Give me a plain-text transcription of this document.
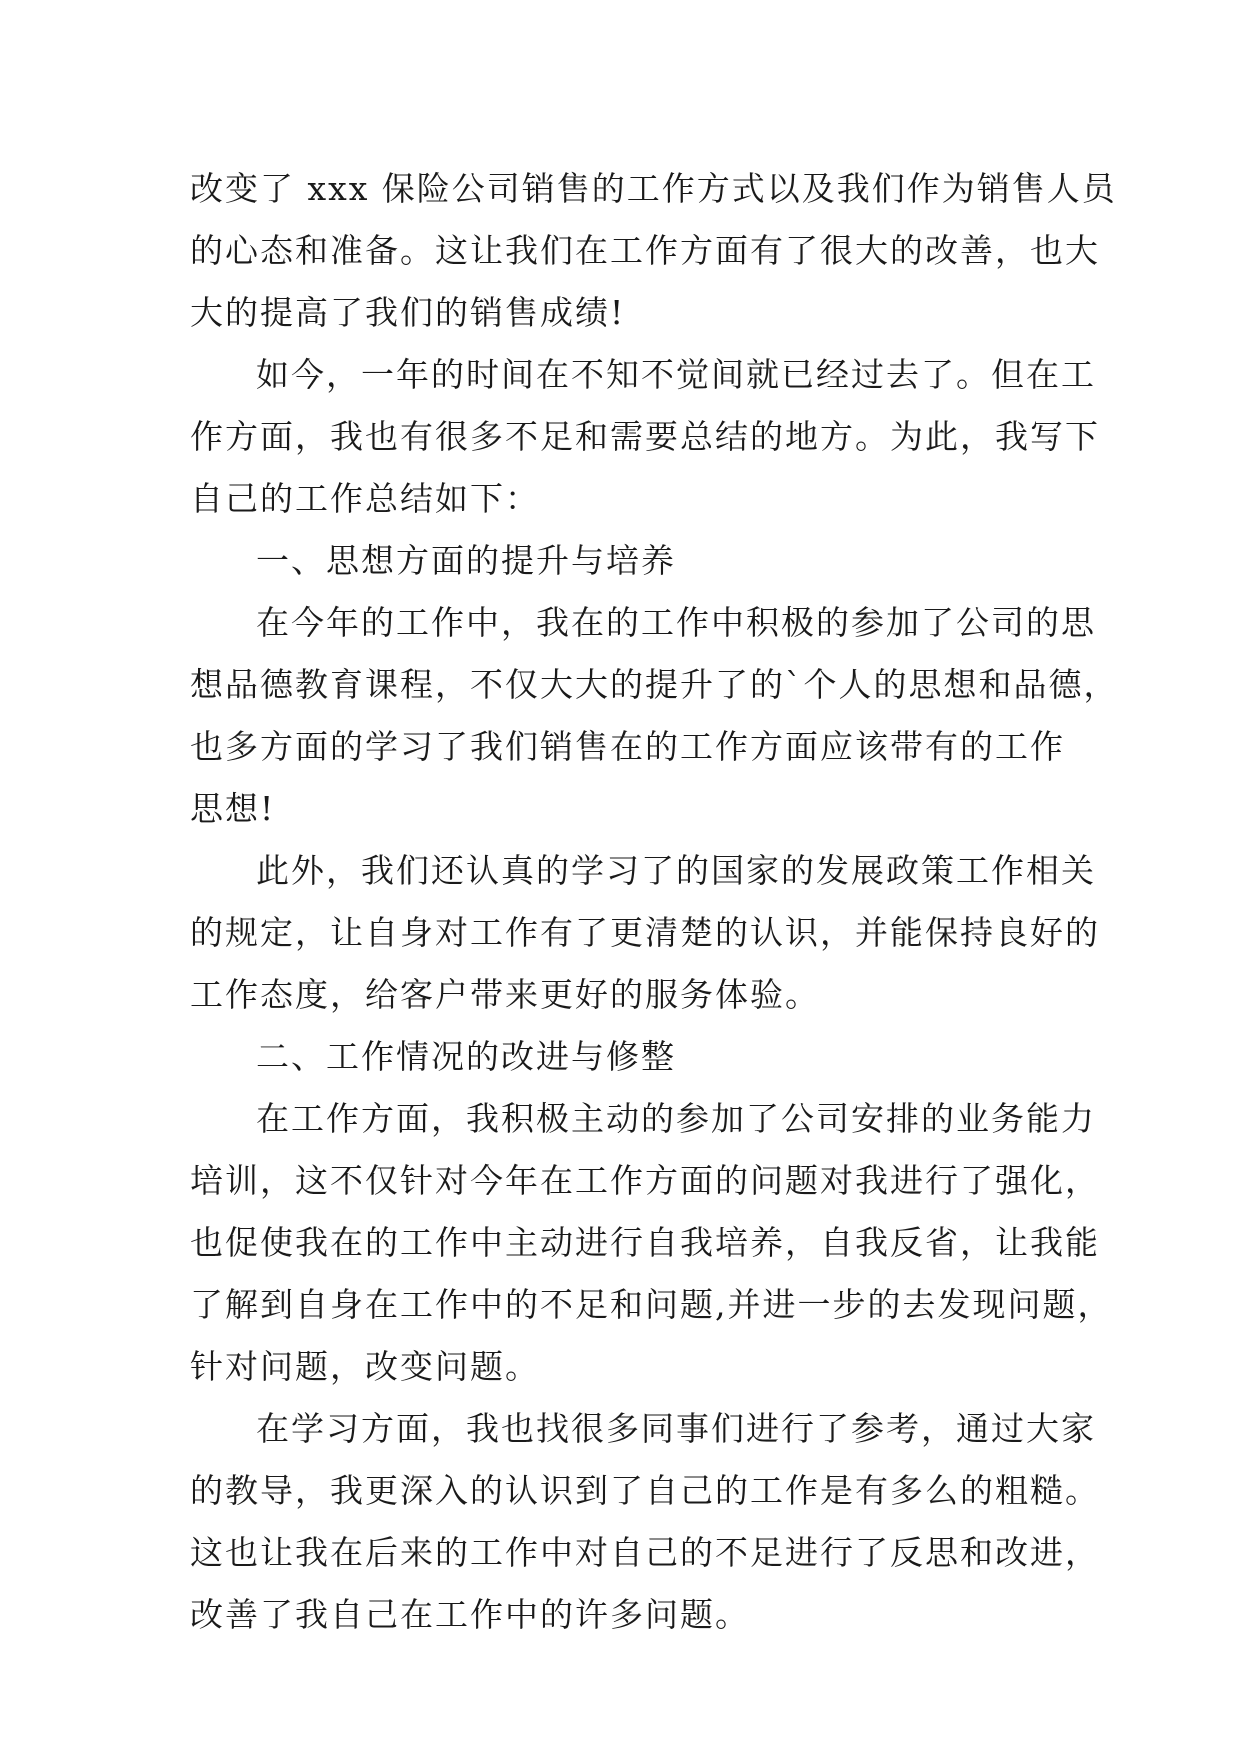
改变了 xxx 保险公司销售的工作方式以及我们作为销售人员
的心态和准备。这让我们在工作方面有了很大的改善，也大
大的提高了我们的销售成绩!
如今，一年的时间在不知不觉间就已经过去了。但在工
作方面，我也有很多不足和需要总结的地方。为此，我写下
自己的工作总结如下：
一、思想方面的提升与培养
在今年的工作中，我在的工作中积极的参加了公司的思
想品德教育课程，不仅大大的提升了的`个人的思想和品德，
也多方面的学习了我们销售在的工作方面应该带有的工作
思想!
此外，我们还认真的学习了的国家的发展政策工作相关
的规定，让自身对工作有了更清楚的认识，并能保持良好的
工作态度，给客户带来更好的服务体验。
二、工作情况的改进与修整
在工作方面，我积极主动的参加了公司安排的业务能力
培训，这不仅针对今年在工作方面的问题对我进行了强化，
也促使我在的工作中主动进行自我培养，自我反省，让我能
了解到自身在工作中的不足和问题,并进一步的去发现问题，
针对问题，改变问题。
在学习方面，我也找很多同事们进行了参考，通过大家
的教导，我更深入的认识到了自己的工作是有多么的粗糙。
这也让我在后来的工作中对自己的不足进行了反思和改进，
改善了我自己在工作中的许多问题。
